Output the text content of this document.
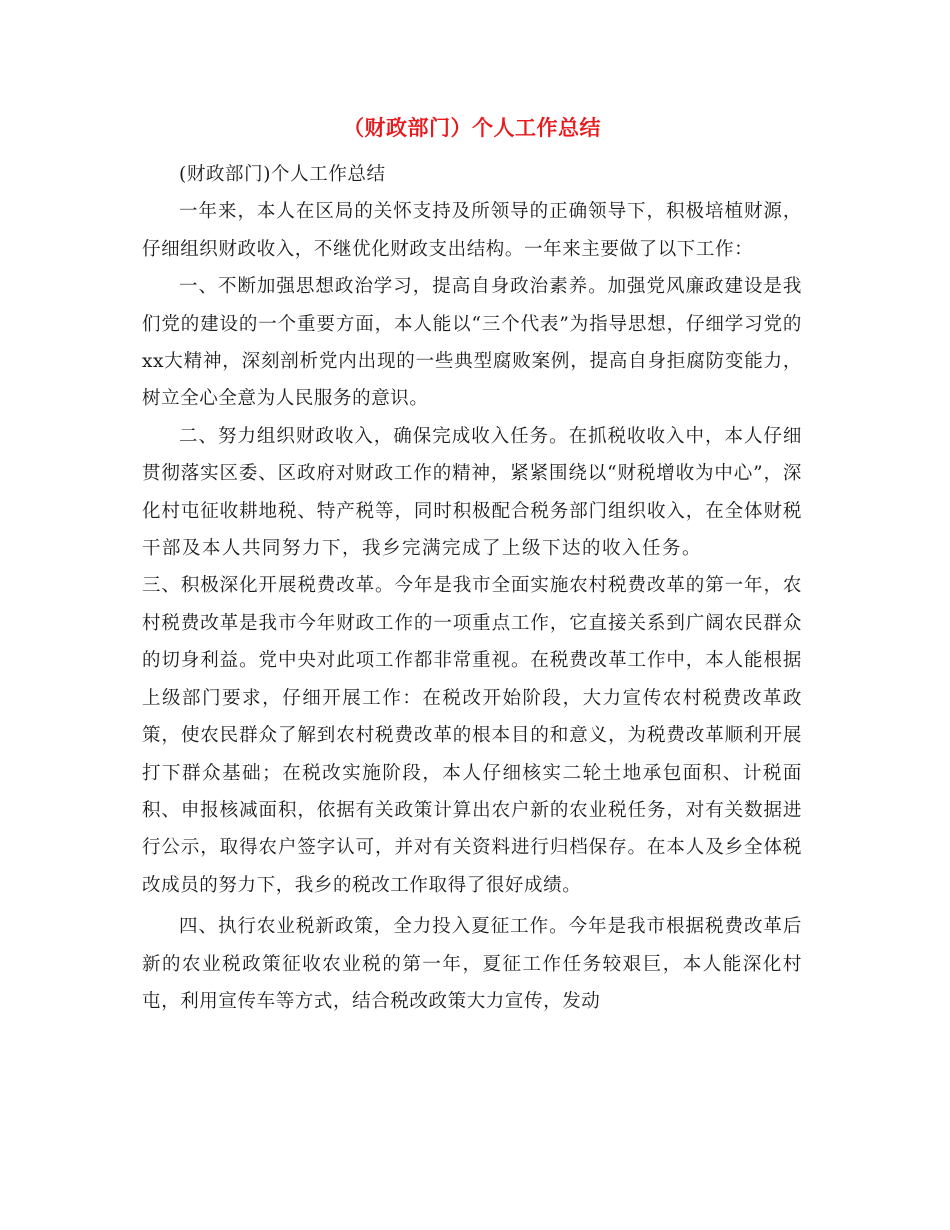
（财政部门）个人工作总结

(财政部门)个人工作总结

一年来，本人在区局的关怀支持及所领导的正确领导下，积极培植财源，仔细组织财政收入，不继优化财政支出结构。一年来主要做了以下工作：

一、不断加强思想政治学习，提高自身政治素养。加强党风廉政建设是我们党的建设的一个重要方面，本人能以“三个代表”为指导思想，仔细学习党的xx大精神，深刻剖析党内出现的一些典型腐败案例，提高自身拒腐防变能力，树立全心全意为人民服务的意识。

二、努力组织财政收入，确保完成收入任务。在抓税收收入中，本人仔细贯彻落实区委、区政府对财政工作的精神，紧紧围绕以“财税增收为中心”，深化村屯征收耕地税、特产税等，同时积极配合税务部门组织收入，在全体财税干部及本人共同努力下，我乡完满完成了上级下达的收入任务。三、积极深化开展税费改革。今年是我市全面实施农村税费改革的第一年，农村税费改革是我市今年财政工作的一项重点工作，它直接关系到广阔农民群众的切身利益。党中央对此项工作都非常重视。在税费改革工作中，本人能根据上级部门要求，仔细开展工作：在税改开始阶段，大力宣传农村税费改革政策，使农民群众了解到农村税费改革的根本目的和意义，为税费改革顺利开展打下群众基础；在税改实施阶段，本人仔细核实二轮土地承包面积、计税面积、申报核减面积，依据有关政策计算出农户新的农业税任务，对有关数据进行公示，取得农户签字认可，并对有关资料进行归档保存。在本人及乡全体税改成员的努力下，我乡的税改工作取得了很好成绩。

四、执行农业税新政策，全力投入夏征工作。今年是我市根据税费改革后新的农业税政策征收农业税的第一年，夏征工作任务较艰巨，本人能深化村屯，利用宣传车等方式，结合税改政策大力宣传，发动
